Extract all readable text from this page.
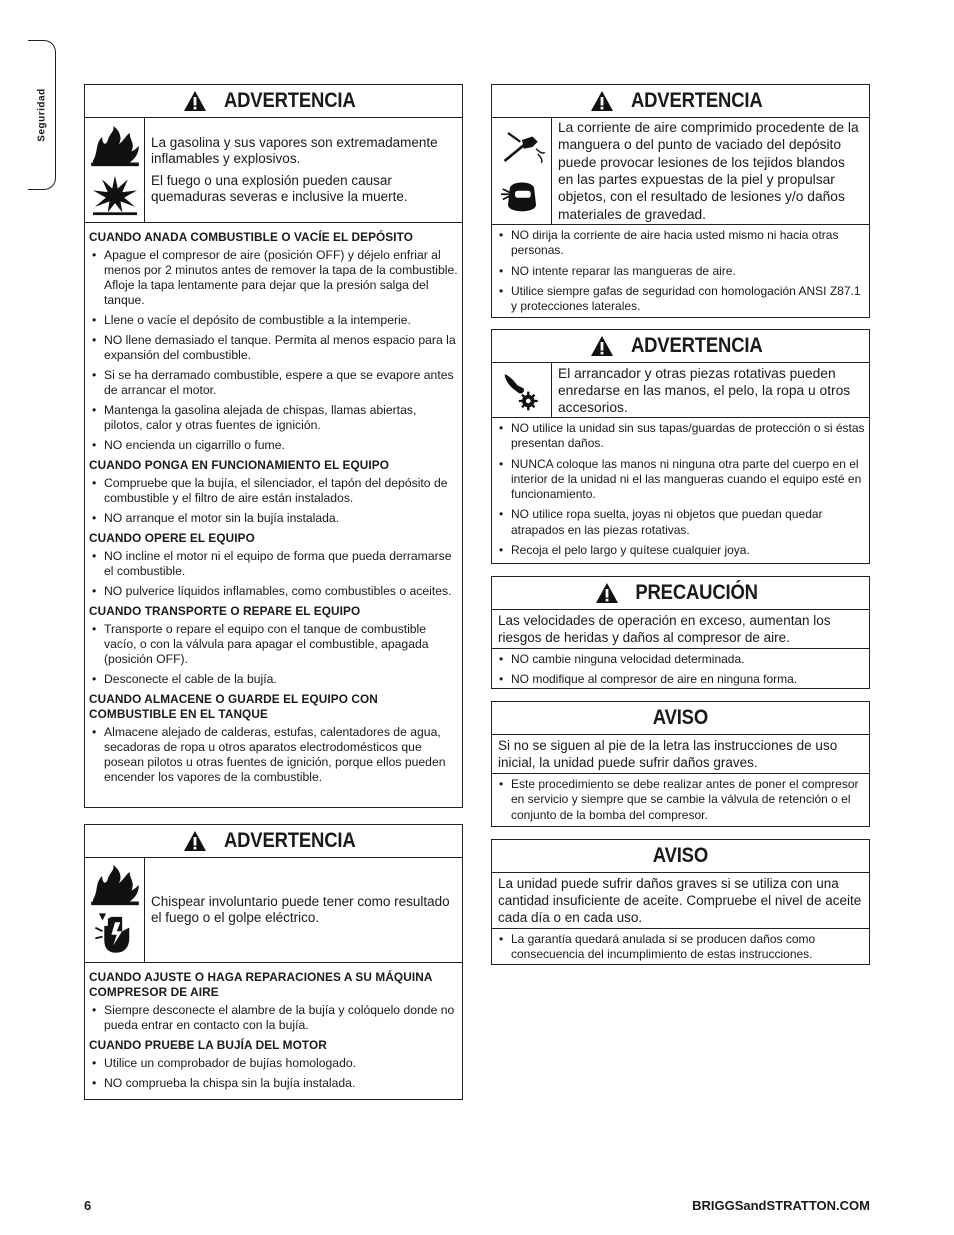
Seguridad	ADVERTENCIA
La gasolina y sus vapores son extremadamente inflamables y explosivos.
El fuego o una explosión pueden causar quemaduras severas e inclusive la muerte.
CUANDO ANADA COMBUSTIBLE O VACÍE EL DEPÓSITO
• Apague el compresor de aire (posición OFF) y déjelo enfriar al menos por 2 minutos antes de remover la tapa de la combustible. Afloje la tapa lentamente para dejar que la presión salga del tanque.
• Llene o vacíe el depósito de combustible a la intemperie.
• NO llene demasiado el tanque. Permita al menos espacio para la expansión del combustible.
• Si se ha derramado combustible, espere a que se evapore antes de arrancar el motor.
• Mantenga la gasolina alejada de chispas, llamas abiertas, pilotos, calor y otras fuentes de ignición.
• NO encienda un cigarrillo o fume.
CUANDO PONGA EN FUNCIONAMIENTO EL EQUIPO
• Compruebe que la bujía, el silenciador, el tapón del depósito de combustible y el filtro de aire están instalados.
• NO arranque el motor sin la bujía instalada.
CUANDO OPERE EL EQUIPO
• NO incline el motor ni el equipo de forma que pueda derramarse el combustible.
• NO pulverice líquidos inflamables, como combustibles o aceites.
CUANDO TRANSPORTE O REPARE EL EQUIPO
• Transporte o repare el equipo con el tanque de combustible vacío, o con la válvula para apagar el combustible, apagada (posición OFF).
• Desconecte el cable de la bujía.
CUANDO ALMACENE O GUARDE EL EQUIPO CON COMBUSTIBLE EN EL TANQUE
• Almacene alejado de calderas, estufas, calentadores de agua, secadoras de ropa u otros aparatos electrodomésticos que posean pilotos u otras fuentes de ignición, porque ellos pueden encender los vapores de la combustible.
ADVERTENCIA
Chispear involuntario puede tener como resultado el fuego o el golpe eléctrico.
CUANDO AJUSTE O HAGA REPARACIONES A SU MÁQUINA COMPRESOR DE AIRE
• Siempre desconecte el alambre de la bujía y colóquelo donde no pueda entrar en contacto con la bujía.
CUANDO PRUEBE LA BUJÍA DEL MOTOR
• Utilice un comprobador de bujías homologado.
• NO comprueba la chispa sin la bujía instalada.
ADVERTENCIA
La corriente de aire comprimido procedente de la manguera o del punto de vaciado del depósito puede provocar lesiones de los tejidos blandos en las partes expuestas de la piel y propulsar objetos, con el resultado de lesiones y/o daños materiales de gravedad.
• NO dirija la corriente de aire hacia usted mismo ni hacia otras personas.
• NO intente reparar las mangueras de aire.
• Utilice siempre gafas de seguridad con homologación ANSI Z87.1 y protecciones laterales.
ADVERTENCIA
El arrancador y otras piezas rotativas pueden enredarse en las manos, el pelo, la ropa u otros accesorios.
• NO utilice la unidad sin sus tapas/guardas de protección o si éstas presentan daños.
• NUNCA coloque las manos ni ninguna otra parte del cuerpo en el interior de la unidad ni el las mangueras cuando el equipo esté en funcionamiento.
• NO utilice ropa suelta, joyas ni objetos que puedan quedar atrapados en las piezas rotativas.
• Recoja el pelo largo y quítese cualquier joya.
PRECAUCIÓN
Las velocidades de operación en exceso, aumentan los riesgos de heridas y daños al compresor de aire.
• NO cambie ninguna velocidad determinada.
• NO modifique al compresor de aire en ninguna forma.
AVISO
Si no se siguen al pie de la letra las instrucciones de uso inicial, la unidad puede sufrir daños graves.
• Este procedimiento se debe realizar antes de poner el compresor en servicio y siempre que se cambie la válvula de retención o el conjunto de la bomba del compresor.
AVISO
La unidad puede sufrir daños graves si se utiliza con una cantidad insuficiente de aceite. Compruebe el nivel de aceite cada día o en cada uso.
• La garantía quedará anulada si se producen daños como consecuencia del incumplimiento de estas instrucciones.
6	BRIGGSandSTRATTON.COM
